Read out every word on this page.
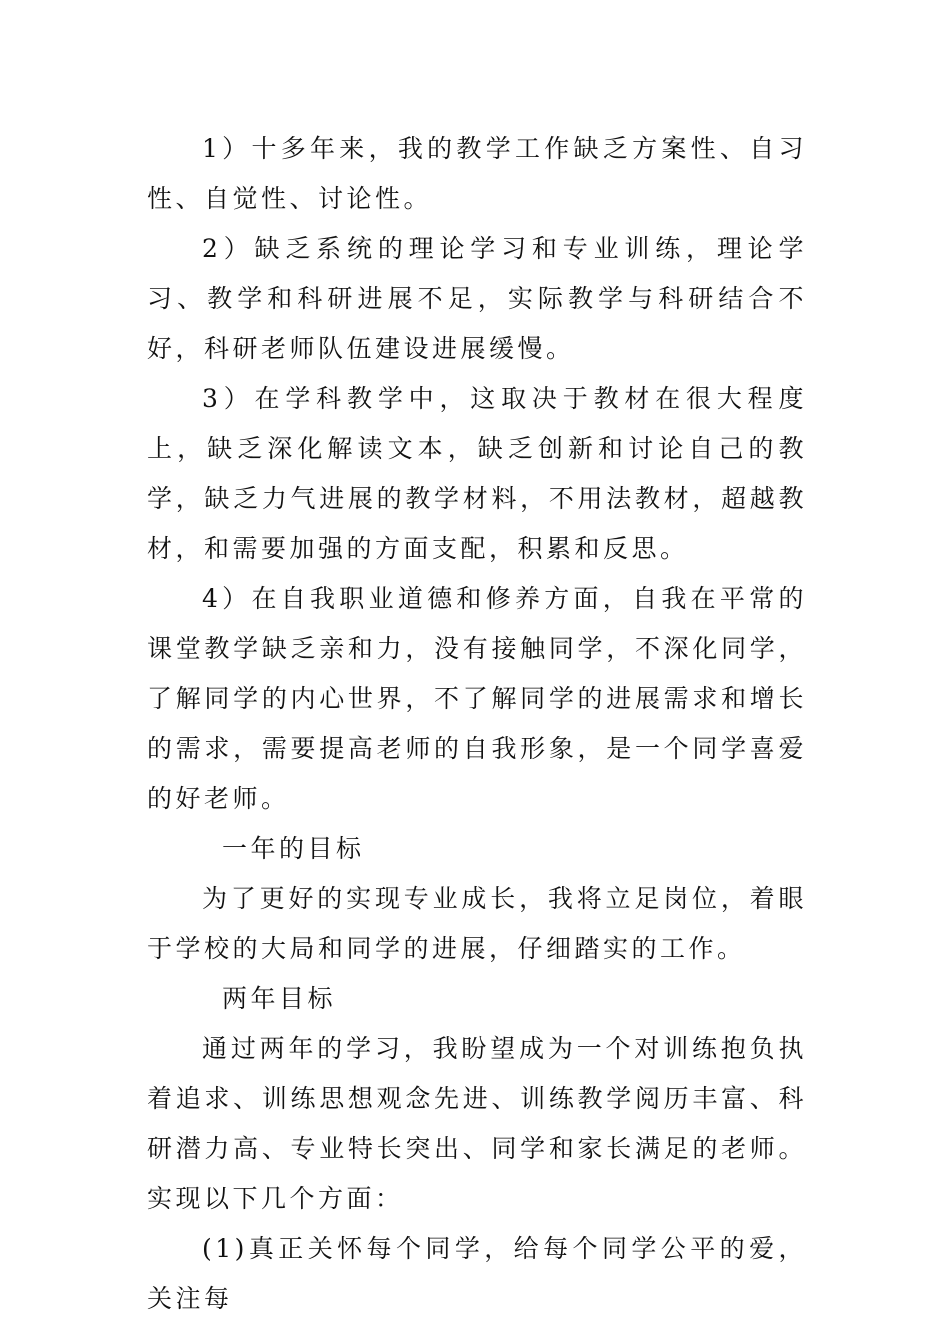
1）十多年来，我的教学工作缺乏方案性、自习性、自觉性、讨论性。

2）缺乏系统的理论学习和专业训练，理论学习、教学和科研进展不足，实际教学与科研结合不好，科研老师队伍建设进展缓慢。

3）在学科教学中，这取决于教材在很大程度上，缺乏深化解读文本，缺乏创新和讨论自己的教学，缺乏力气进展的教学材料，不用法教材，超越教材，和需要加强的方面支配，积累和反思。

4）在自我职业道德和修养方面，自我在平常的课堂教学缺乏亲和力，没有接触同学，不深化同学，了解同学的内心世界，不了解同学的进展需求和增长的需求，需要提高老师的自我形象，是一个同学喜爱的好老师。

一年的目标

为了更好的实现专业成长，我将立足岗位，着眼于学校的大局和同学的进展，仔细踏实的工作。

两年目标

通过两年的学习，我盼望成为一个对训练抱负执着追求、训练思想观念先进、训练教学阅历丰富、科研潜力高、专业特长突出、同学和家长满足的老师。实现以下几个方面：

(1)真正关怀每个同学，给每个同学公平的爱，关注每
